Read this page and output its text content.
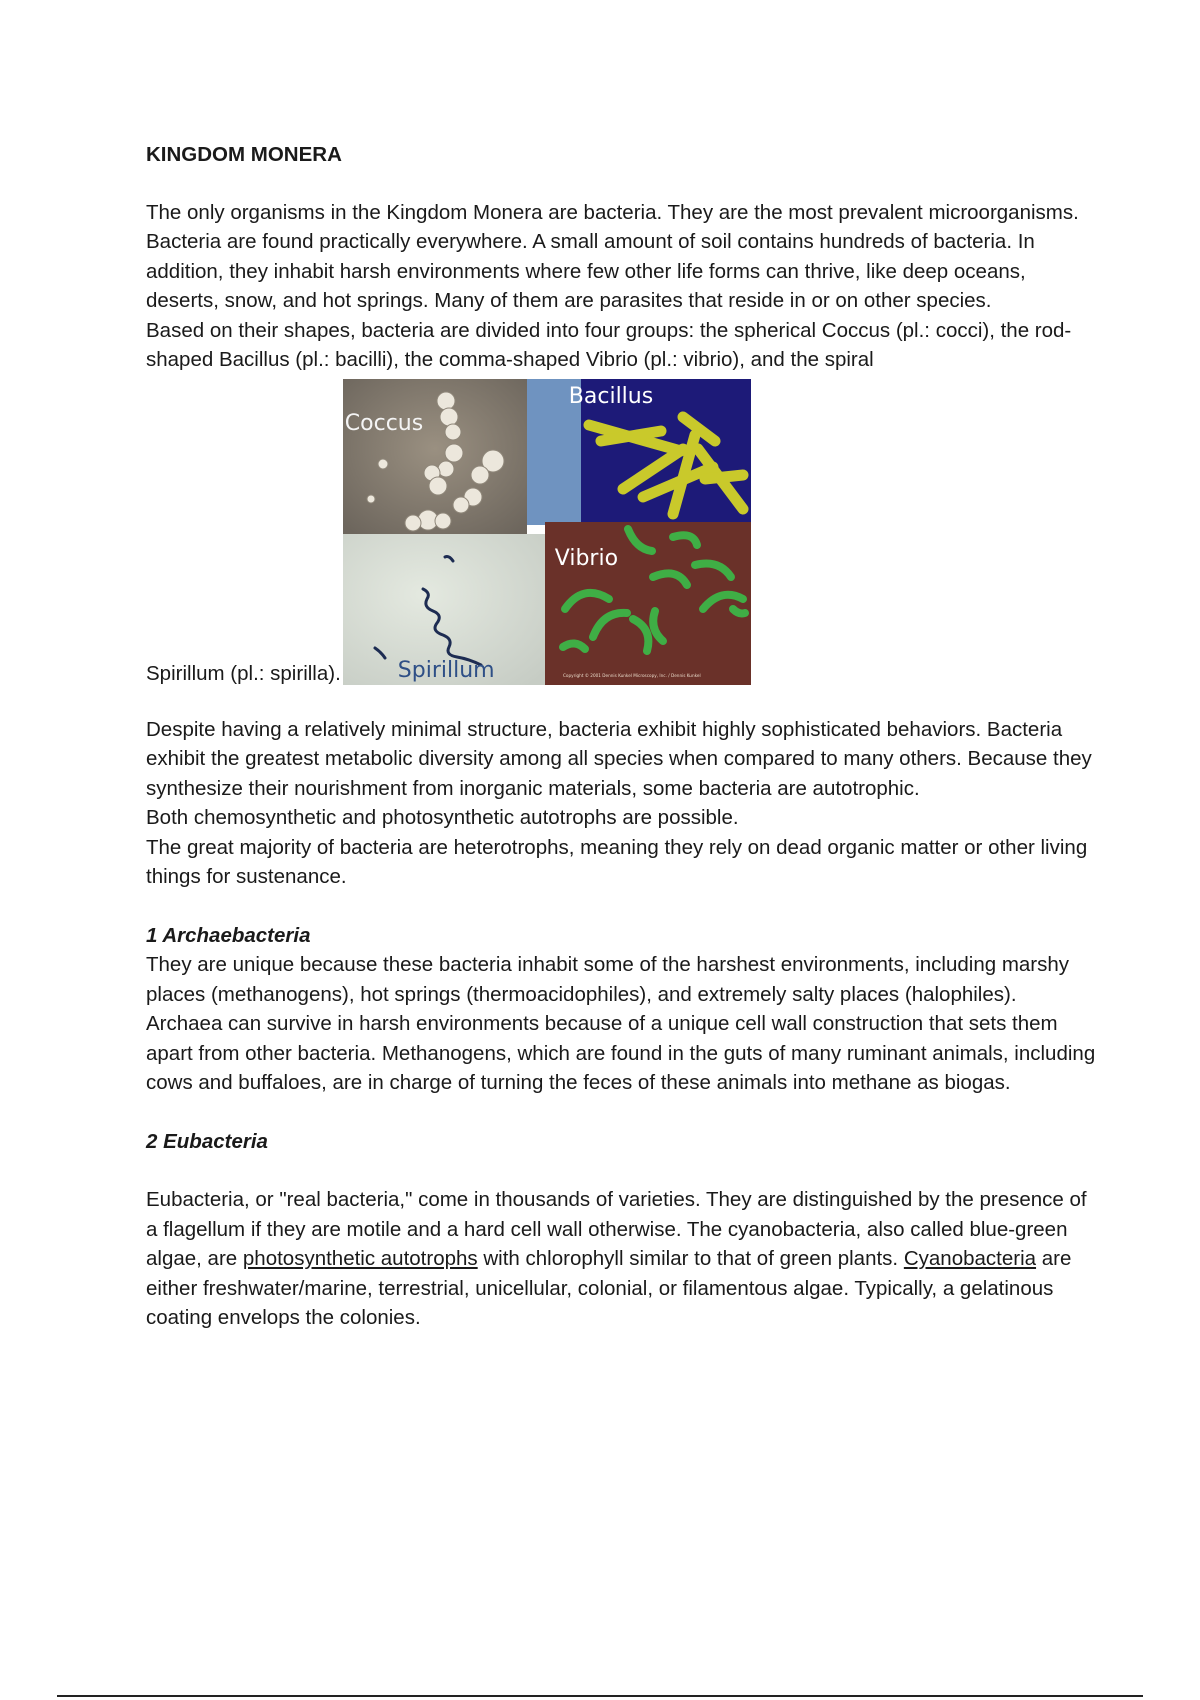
KINGDOM MONERA

The only organisms in the Kingdom Monera are bacteria. They are the most prevalent microorganisms. Bacteria are found practically everywhere. A small amount of soil contains hundreds of bacteria. In addition, they inhabit harsh environments where few other life forms can thrive, like deep oceans, deserts, snow, and hot springs. Many of them are parasites that reside in or on other species.

Based on their shapes, bacteria are divided into four groups: the spherical Coccus (pl.: cocci), the rod-shaped Bacillus (pl.: bacilli), the comma-shaped Vibrio (pl.: vibrio), and the spiral

Spirillum (pl.: spirilla).	Copyright © 2001 Dennis Kunkel Microscopy, Inc. / Dennis Kunkel
Coccus
Bacillus
Vibrio
Spirillum

Despite having a relatively minimal structure, bacteria exhibit highly sophisticated behaviors. Bacteria exhibit the greatest metabolic diversity among all species when compared to many others. Because they synthesize their nourishment from inorganic materials, some bacteria are autotrophic.

Both chemosynthetic and photosynthetic autotrophs are possible.

The great majority of bacteria are heterotrophs, meaning they rely on dead organic matter or other living things for sustenance.

1 Archaebacteria

They are unique because these bacteria inhabit some of the harshest environments, including marshy places (methanogens), hot springs (thermoacidophiles), and extremely salty places (halophiles). Archaea can survive in harsh environments because of a unique cell wall construction that sets them apart from other bacteria. Methanogens, which are found in the guts of many ruminant animals, including cows and buffaloes, are in charge of turning the feces of these animals into methane as biogas.

2 Eubacteria

Eubacteria, or "real bacteria," come in thousands of varieties. They are distinguished by the presence of a flagellum if they are motile and a hard cell wall otherwise. The cyanobacteria, also called blue-green algae, are photosynthetic autotrophs with chlorophyll similar to that of green plants. Cyanobacteria are either freshwater/marine, terrestrial, unicellular, colonial, or filamentous algae. Typically, a gelatinous coating envelops the colonies.
